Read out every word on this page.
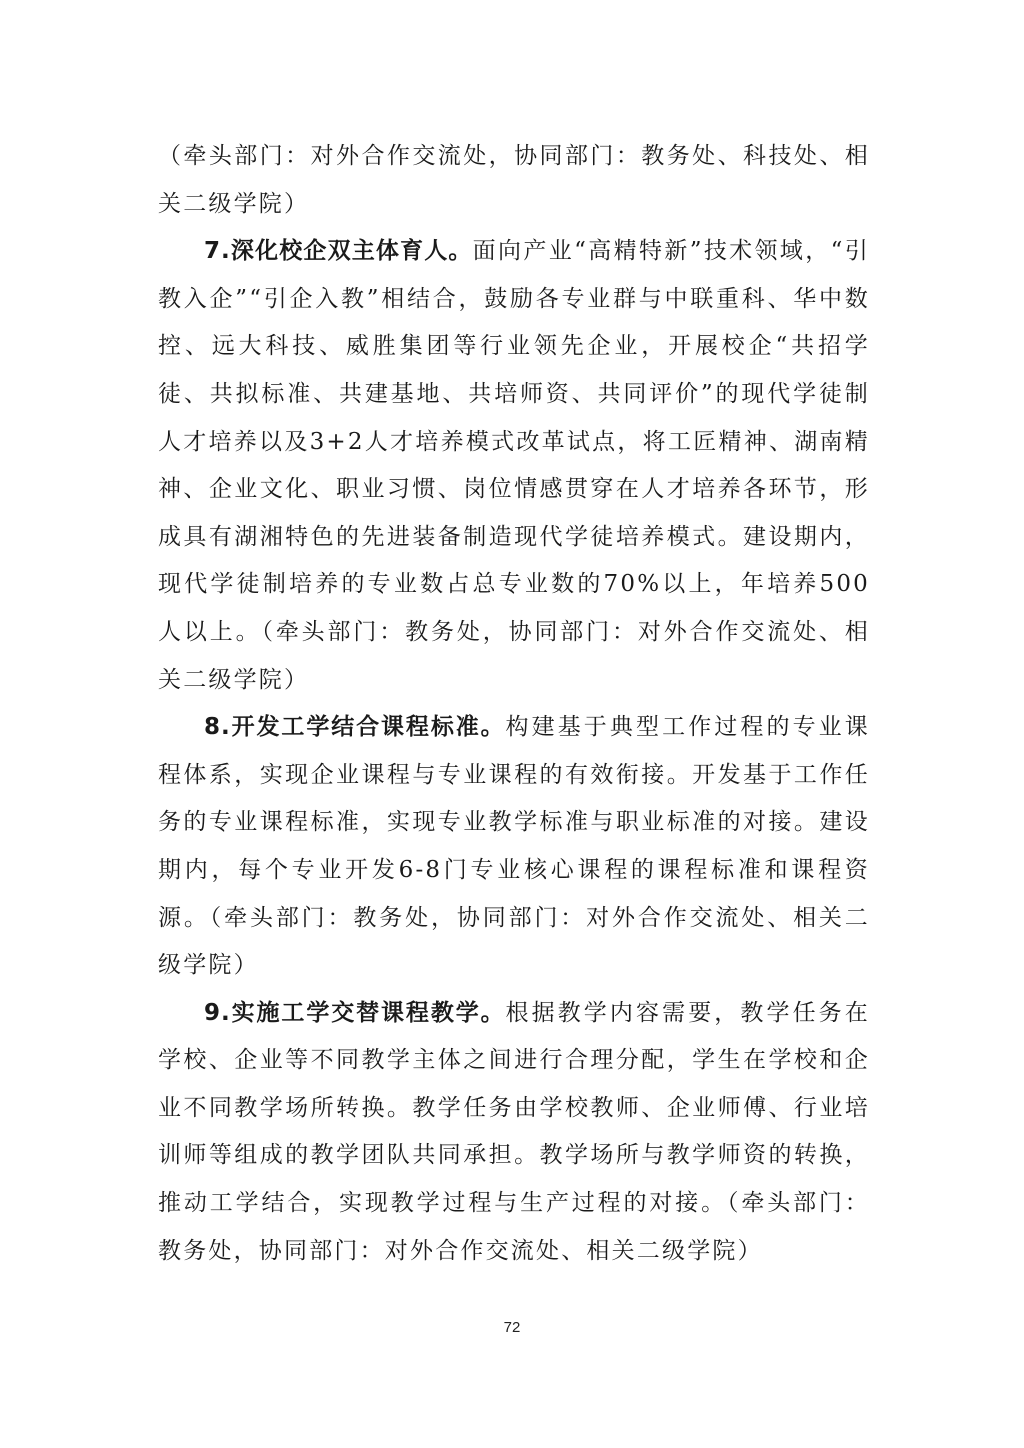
（牵头部门：对外合作交流处，协同部门：教务处、科技处、相关二级学院）

7.深化校企双主体育人。面向产业“高精特新”技术领域，“引教入企”“引企入教”相结合，鼓励各专业群与中联重科、华中数控、远大科技、威胜集团等行业领先企业，开展校企“共招学徒、共拟标准、共建基地、共培师资、共同评价”的现代学徒制人才培养以及3+2人才培养模式改革试点，将工匠精神、湖南精神、企业文化、职业习惯、岗位情感贯穿在人才培养各环节，形成具有湖湘特色的先进装备制造现代学徒培养模式。建设期内，现代学徒制培养的专业数占总专业数的70%以上，年培养500人以上。（牵头部门：教务处，协同部门：对外合作交流处、相关二级学院）

8.开发工学结合课程标准。构建基于典型工作过程的专业课程体系，实现企业课程与专业课程的有效衔接。开发基于工作任务的专业课程标准，实现专业教学标准与职业标准的对接。建设期内，每个专业开发6-8门专业核心课程的课程标准和课程资源。（牵头部门：教务处，协同部门：对外合作交流处、相关二级学院）

9.实施工学交替课程教学。根据教学内容需要，教学任务在学校、企业等不同教学主体之间进行合理分配，学生在学校和企业不同教学场所转换。教学任务由学校教师、企业师傅、行业培训师等组成的教学团队共同承担。教学场所与教学师资的转换，推动工学结合，实现教学过程与生产过程的对接。（牵头部门：教务处，协同部门：对外合作交流处、相关二级学院）

72
